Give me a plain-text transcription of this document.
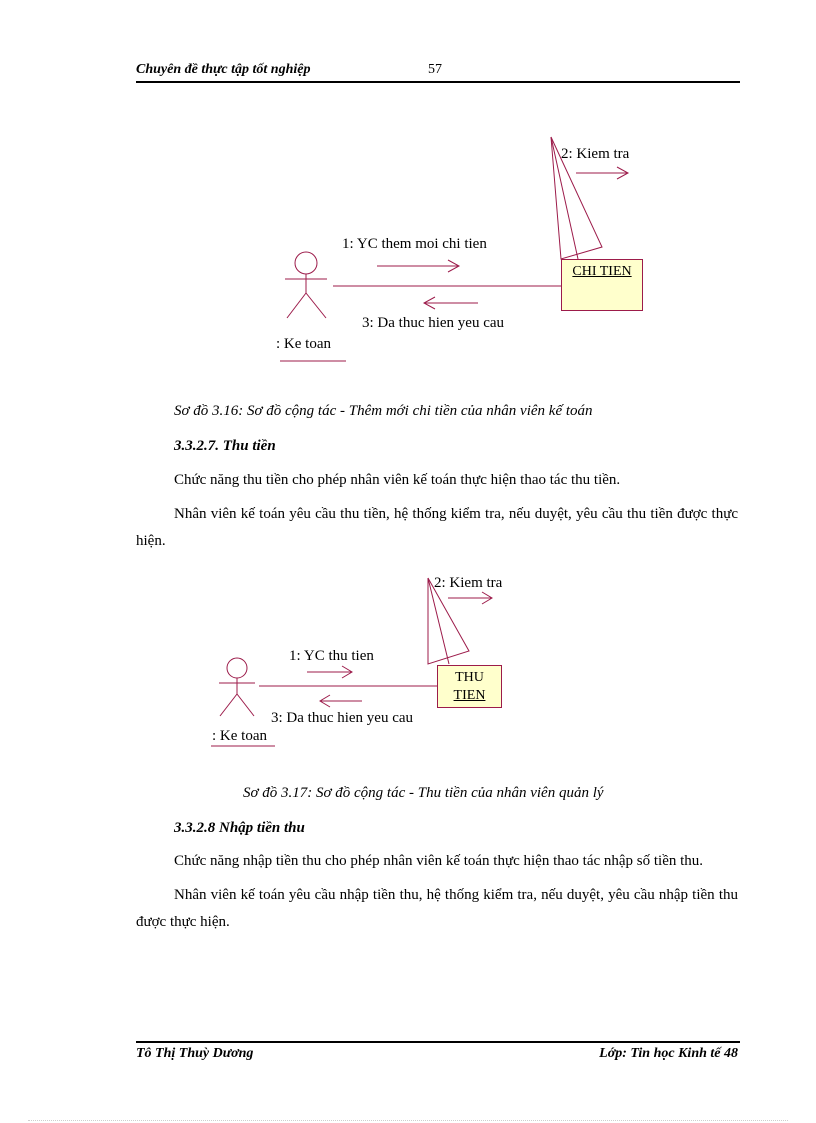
Chuyên đề thực tập tốt nghiệp	57
2: Kiem tra
1: YC them moi chi tien
3: Da thuc hien yeu cau
: Ke toan
CHI TIEN
Sơ đồ 3.16: Sơ đồ cộng tác - Thêm mới chi tiền của nhân viên kế toán
3.3.2.7. Thu tiền

Chức năng thu tiền cho phép nhân viên kế toán thực hiện thao tác thu tiền.

Nhân viên kế toán yêu cầu thu tiền, hệ thống kiểm tra, nếu duyệt, yêu cầu thu tiền được thực hiện.

2: Kiem tra
1: YC thu tien
3: Da thuc hien yeu cau
: Ke toan
THU
TIEN
Sơ đồ 3.17: Sơ đồ cộng tác - Thu tiền của nhân viên quản lý
3.3.2.8 Nhập tiền thu

Chức năng nhập tiền thu cho phép nhân viên kế toán thực hiện thao tác nhập số tiền thu.

Nhân viên kế toán yêu cầu nhập tiền thu, hệ thống kiểm tra, nếu duyệt, yêu cầu nhập tiền thu được thực hiện.

Tô Thị Thuỳ Dương	Lớp: Tin học Kinh tế 48
